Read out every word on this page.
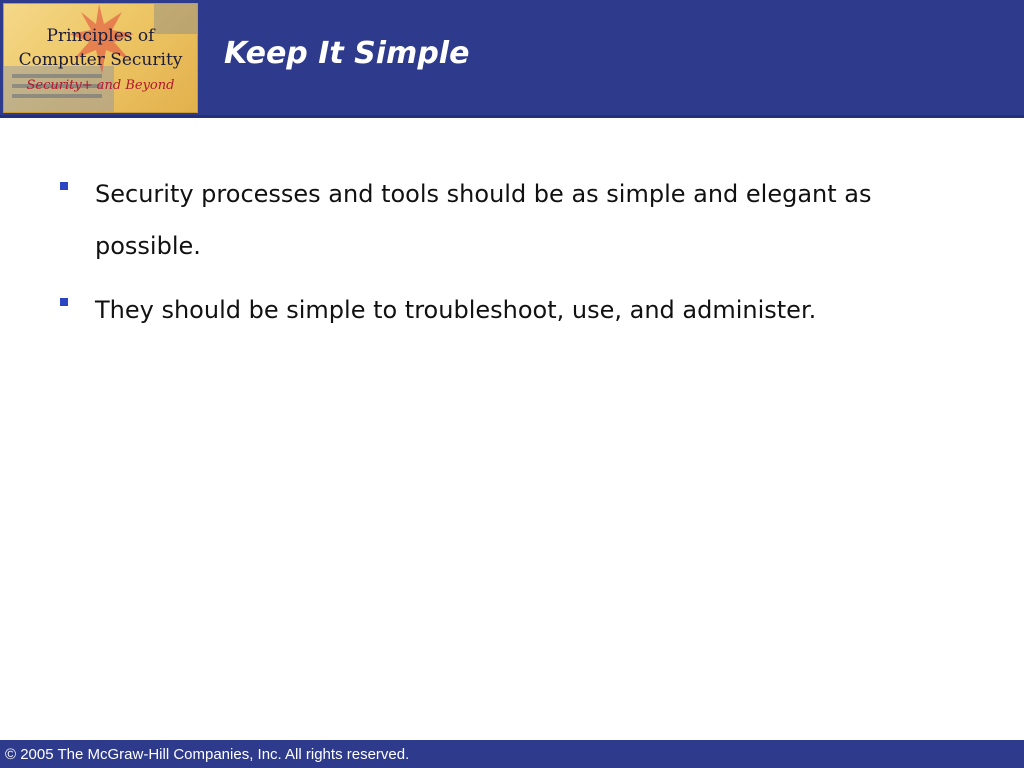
Principles of
Computer Security
Security+ and Beyond
Keep It Simple
Security processes and tools should be as simple and elegant as possible.
They should be simple to troubleshoot, use, and administer.
© 2005 The McGraw-Hill Companies, Inc. All rights reserved.
